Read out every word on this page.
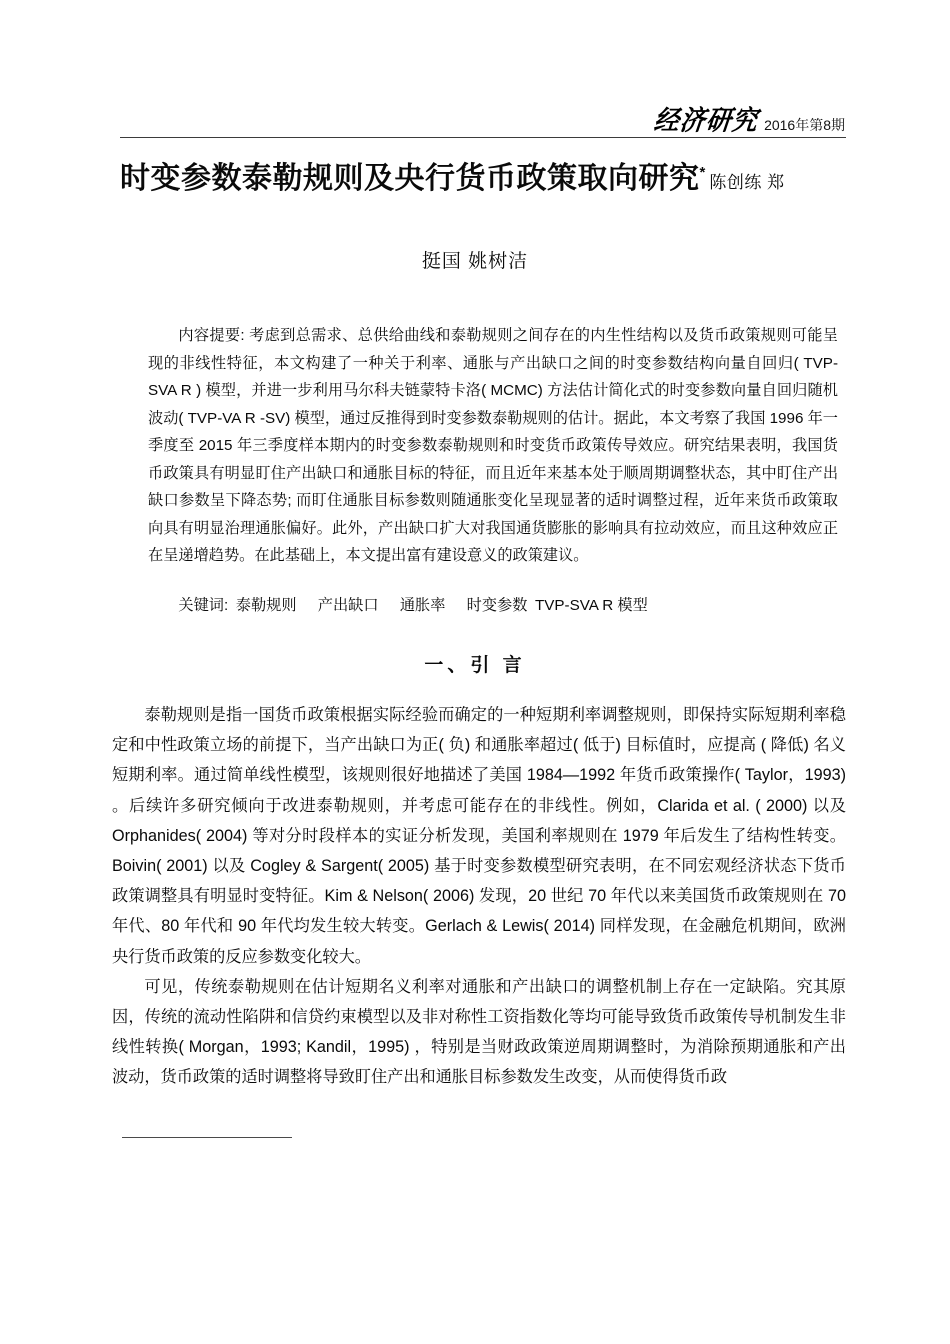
经济研究 2016年第8期
时变参数泰勒规则及央行货币政策取向研究 *
陈创练 郑
挺国 姚树洁

内容提要: 考虑到总需求、总供给曲线和泰勒规则之间存在的内生性结构以及货币政策规则可能呈现的非线性特征，本文构建了一种关于利率、通胀与产出缺口之间的时变参数结构向量自回归( TVP-SVA R ) 模型，并进一步利用马尔科夫链蒙特卡洛( MCMC) 方法估计简化式的时变参数向量自回归随机波动( TVP-VA R -SV) 模型，通过反推得到时变参数泰勒规则的估计。据此，本文考察了我国 1996 年一季度至 2015 年三季度样本期内的时变参数泰勒规则和时变货币政策传导效应。研究结果表明，我国货币政策具有明显盯住产出缺口和通胀目标的特征，而且近年来基本处于顺周期调整状态，其中盯住产出缺口参数呈下降态势; 而盯住通胀目标参数则随通胀变化呈现显著的适时调整过程，近年来货币政策取向具有明显治理通胀偏好。此外，产出缺口扩大对我国通货膨胀的影响具有拉动效应，而且这种效应正在呈递增趋势。在此基础上，本文提出富有建设意义的政策建议。

关键词: 泰勒规则 产出缺口 通胀率 时变参数 TVP-SVA R 模型
一、引 言

泰勒规则是指一国货币政策根据实际经验而确定的一种短期利率调整规则，即保持实际短期利率稳定和中性政策立场的前提下，当产出缺口为正( 负) 和通胀率超过( 低于) 目标值时，应提高 ( 降低) 名义短期利率。通过简单线性模型，该规则很好地描述了美国 1984—1992 年货币政策操作( Taylor，1993) 。后续许多研究倾向于改进泰勒规则，并考虑可能存在的非线性。例如，Clarida et al. ( 2000) 以及 Orphanides( 2004) 等对分时段样本的实证分析发现，美国利率规则在 1979 年后发生了结构性转变。Boivin( 2001) 以及 Cogley & Sargent( 2005) 基于时变参数模型研究表明，在不同宏观经济状态下货币政策调整具有明显时变特征。Kim & Nelson( 2006) 发现，20 世纪 70 年代以来美国货币政策规则在 70 年代、80 年代和 90 年代均发生较大转变。Gerlach & Lewis( 2014) 同样发现，在金融危机期间，欧洲央行货币政策的反应参数变化较大。

可见，传统泰勒规则在估计短期名义利率对通胀和产出缺口的调整机制上存在一定缺陷。究其原因，传统的流动性陷阱和信贷约束模型以及非对称性工资指数化等均可能导致货币政策传导机制发生非线性转换( Morgan，1993; Kandil，1995) ，特别是当财政政策逆周期调整时，为消除预期通胀和产出波动，货币政策的适时调整将导致盯住产出和通胀目标参数发生改变，从而使得货币政
